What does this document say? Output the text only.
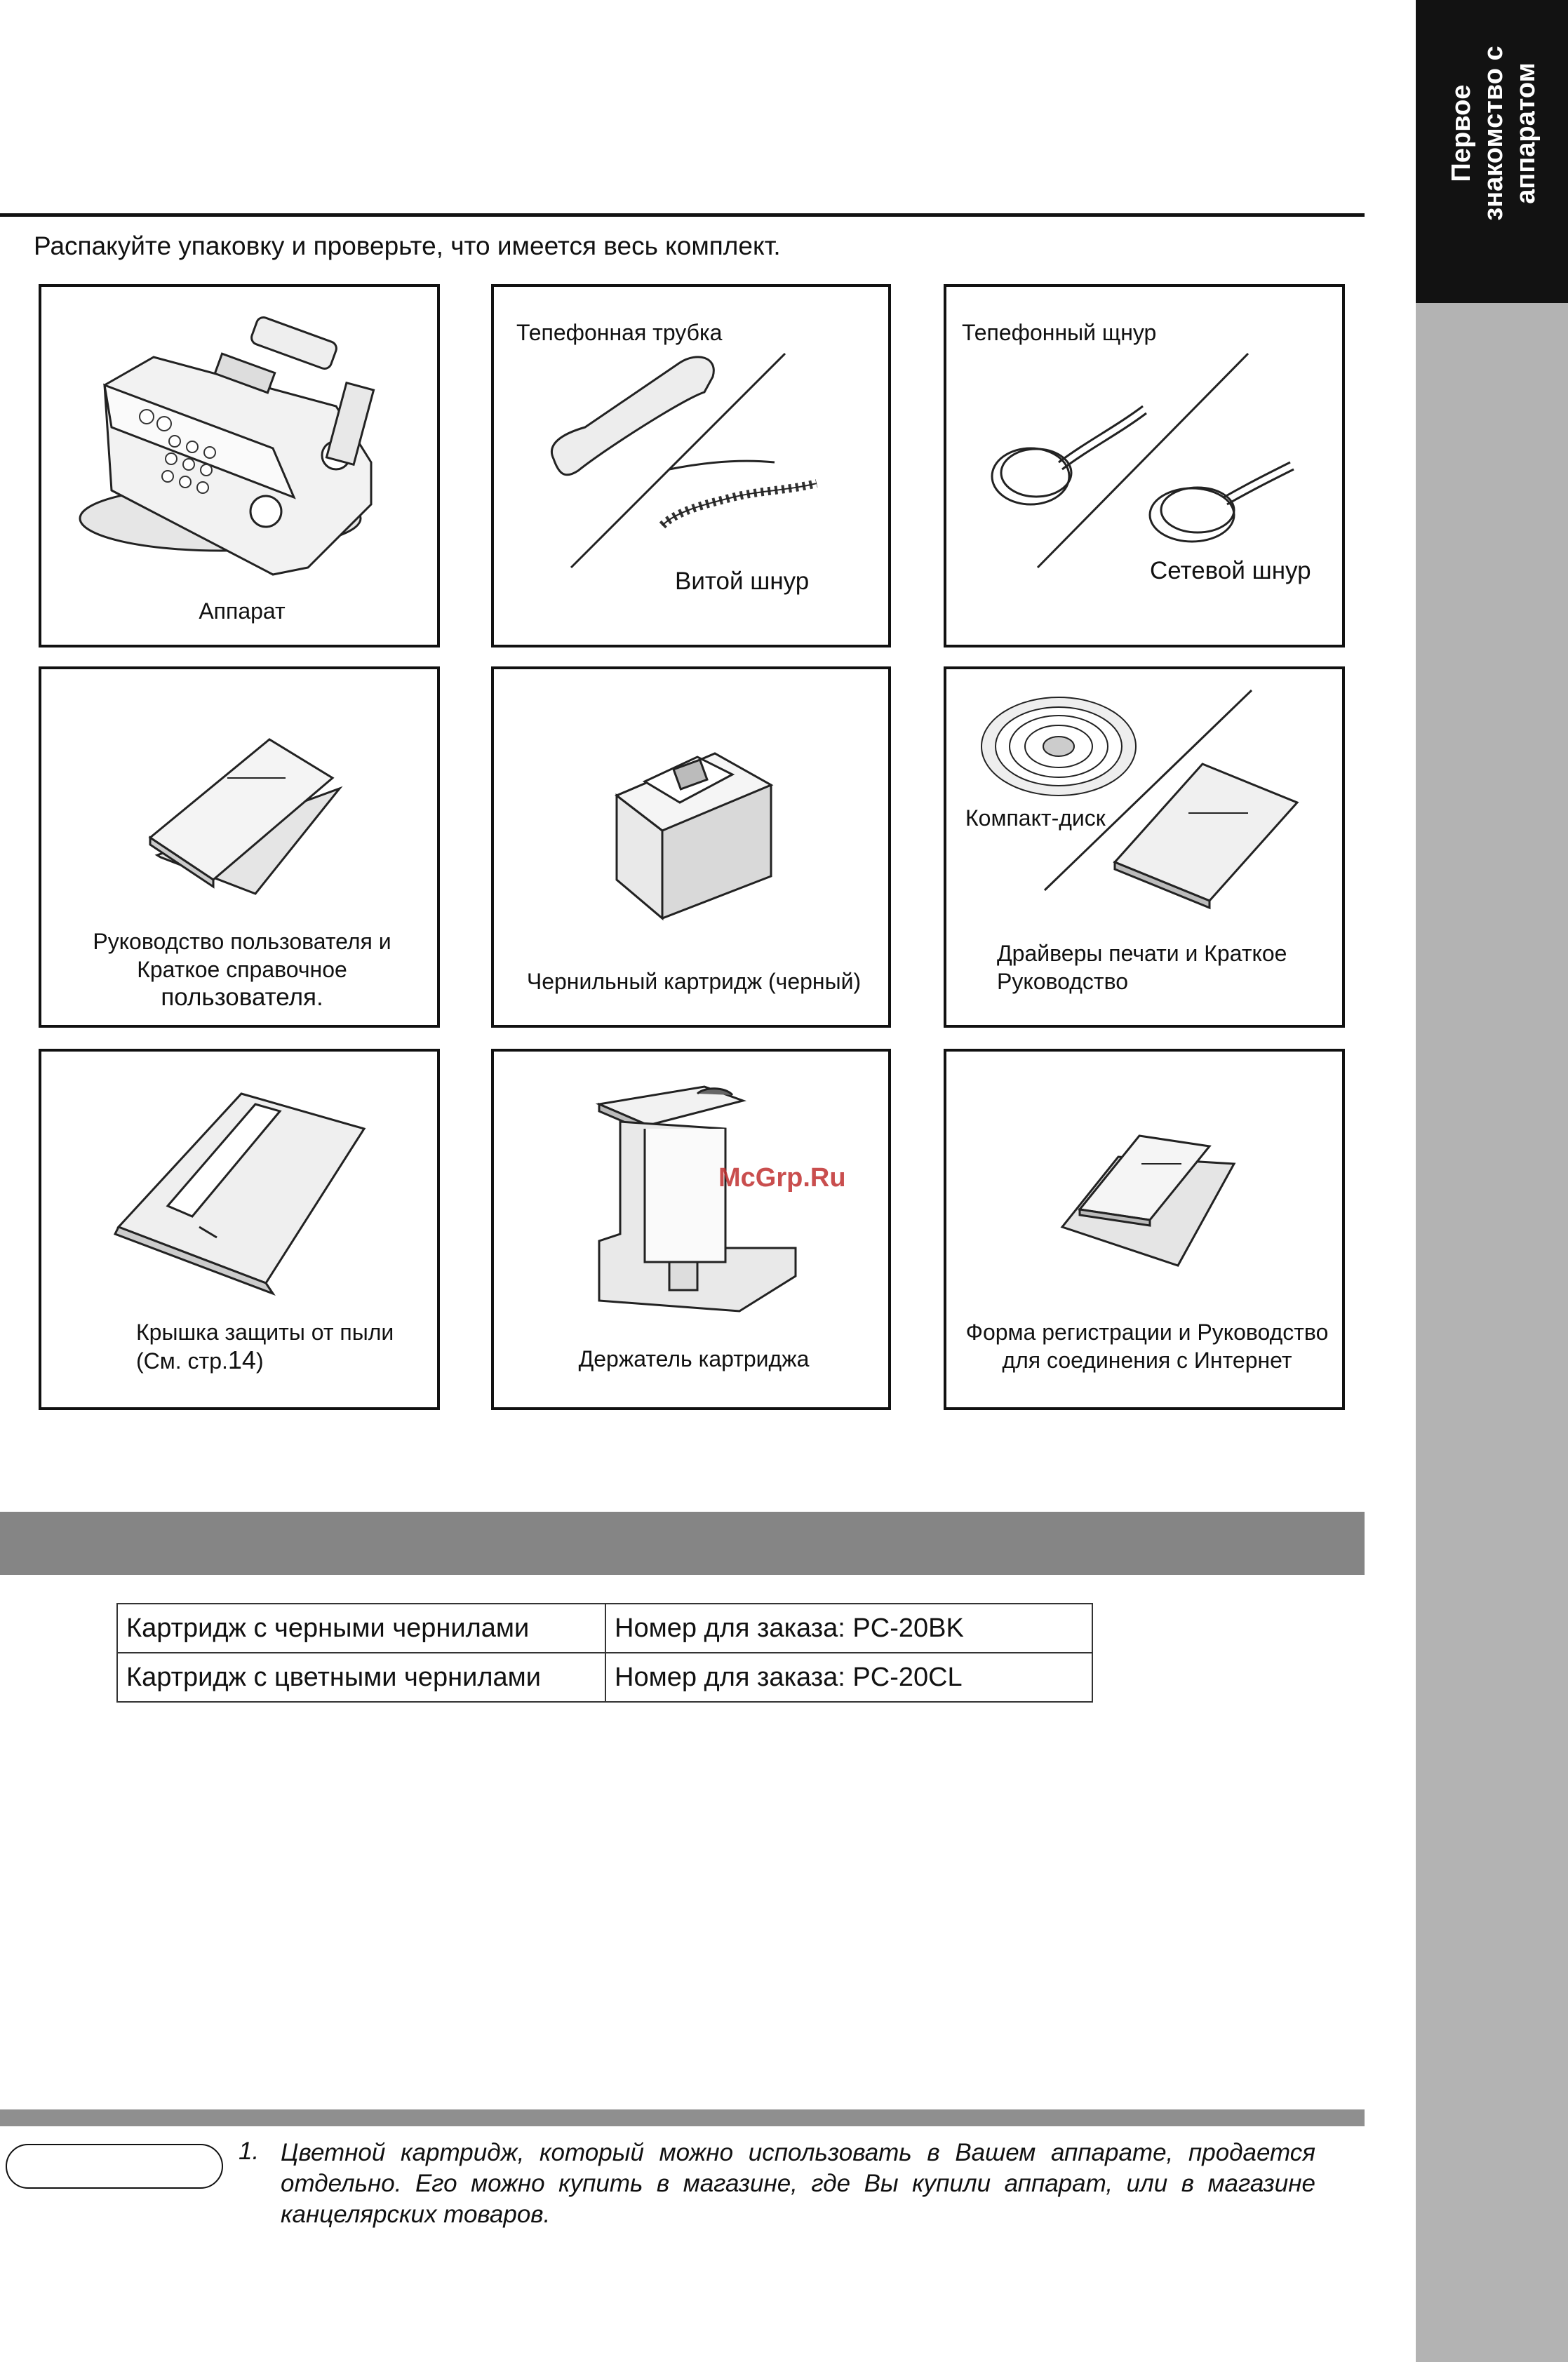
Первое знакомство с аппаратом
Распакуйте упаковку и проверьте, что имеется весь комплект.
Аппарат
Тепефонная трубка
Витой шнур
Тепефонный щнур
Сетевой шнур
Руководство пользователя и
Краткое справочное
пользователя.
Чернильный картридж (черный)
Компакт-диск
Драйверы печати и Краткое
Руководство
Крышка защиты от пыли
(См. стр.14)	Держатель картриджа
Форма регистрации и Руководство
для соединения с Интернет
McGrp.Ru
Картридж с черными чернилами	Номер для заказа: PC-20BK
Картридж с цветными чернилами	Номер для заказа: PC-20CL
1. Цветной картридж, который можно использовать в Вашем аппарате, продается отдельно. Его можно купить в магазине, где Вы купили аппарат, или в магазине канцелярских товаров.
